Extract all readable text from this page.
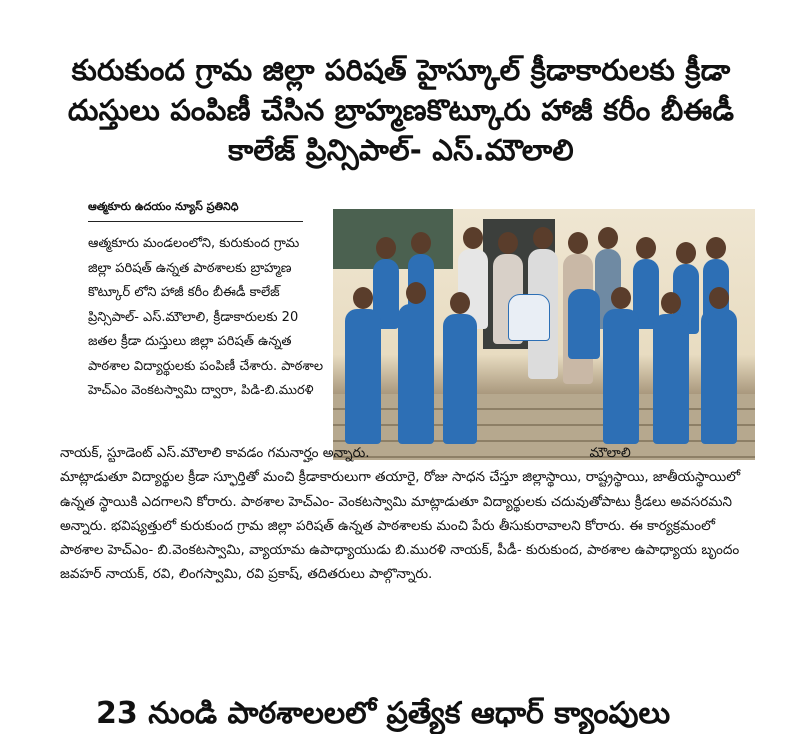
కురుకుంద గ్రామ జిల్లా పరిషత్ హైస్కూల్ క్రీడాకారులకు క్రీడా
దుస్తులు పంపిణీ చేసిన బ్రాహ్మణకొట్కూరు హాజీ కరీం బీఈడీ
కాలేజ్ ప్రిన్సిపాల్- ఎస్.మౌలాలి
ఆత్మకూరు ఉదయం న్యూస్ ప్రతినిధి

ఆత్మకూరు మండలంలోని, కురుకుంద గ్రామ జిల్లా పరిషత్ ఉన్నత పాఠశాలకు బ్రాహ్మణ కొట్కూర్ లోని హాజీ కరీం బీఈడీ కాలేజ్ ప్రిన్సిపాల్- ఎస్.మౌలాలి, క్రీడాకారులకు 20 జతల క్రీడా దుస్తులు జిల్లా పరిషత్ ఉన్నత పాఠశాల విద్యార్థులకు పంపిణీ చేశారు. పాఠశాల హెచ్ఎం వెంకటస్వామి ద్వారా, పిడి-బి.మురళి

నాయక్, స్టూడెంట్ ఎస్.మౌలాలి కావడం గమనార్హం అన్నారు.	మౌలాలి
మాట్లాడుతూ విద్యార్థుల క్రీడా స్ఫూర్తితో మంచి క్రీడాకారులుగా తయారై, రోజు సాధన చేస్తూ జిల్లాస్థాయి, రాష్ట్రస్థాయి, జాతీయస్థాయిలో ఉన్నత స్థాయికి ఎదగాలని కోరారు. పాఠశాల హెచ్ఎం- వెంకటస్వామి మాట్లాడుతూ విద్యార్థులకు చదువుతోపాటు క్రీడలు అవసరమని అన్నారు. భవిష్యత్తులో కురుకుంద గ్రామ జిల్లా పరిషత్ ఉన్నత పాఠశాలకు మంచి పేరు తీసుకురావాలని కోరారు. ఈ కార్యక్రమంలో పాఠశాల హెచ్ఎం- బి.వెంకటస్వామి, వ్యాయామ ఉపాధ్యాయుడు బి.మురళి నాయక్, పీడీ- కురుకుంద, పాఠశాల ఉపాధ్యాయ బృందం జవహర్ నాయక్, రవి, లింగస్వామి, రవి ప్రకాష్, తదితరులు పాల్గొన్నారు.

23 నుండి పాఠశాలలలో ప్రత్యేక ఆధార్ క్యాంపులు
